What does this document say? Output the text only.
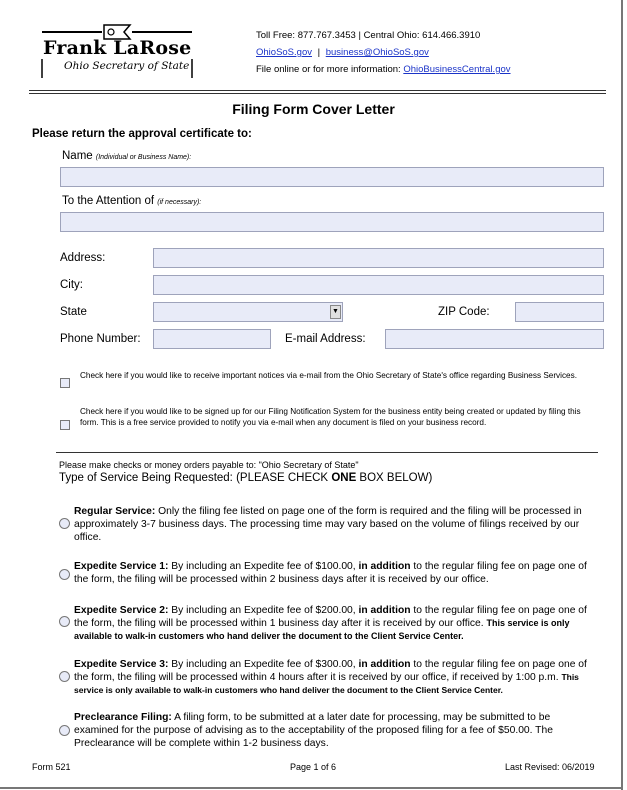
Frank LaRose
Ohio Secretary of State
Toll Free: 877.767.3453 | Central Ohio: 614.466.3910
OhioSoS.gov | business@OhioSoS.gov
File online or for more information: OhioBusinessCentral.gov
Filing Form Cover Letter
Please return the approval certificate to:
Name (Individual or Business Name):
To the Attention of (if necessary):
Address:
City:
State	▼	ZIP Code:
Phone Number:	E-mail Address:
Check here if you would like to receive important notices via e-mail from the Ohio Secretary of State's office regarding Business Services.
Check here if you would like to be signed up for our Filing Notification System for the business entity being created or updated by filing this form. This is a free service provided to notify you via e-mail when any document is filed on your business record.
Please make checks or money orders payable to: "Ohio Secretary of State"
Type of Service Being Requested: (PLEASE CHECK ONE BOX BELOW)
Regular Service: Only the filing fee listed on page one of the form is required and the filing will be processed in approximately 3-7 business days. The processing time may vary based on the volume of filings received by our office.
Expedite Service 1: By including an Expedite fee of $100.00, in addition to the regular filing fee on page one of the form, the filing will be processed within 2 business days after it is received by our office.
Expedite Service 2: By including an Expedite fee of $200.00, in addition to the regular filing fee on page one of the form, the filing will be processed within 1 business day after it is received by our office. This service is only available to walk-in customers who hand deliver the document to the Client Service Center.
Expedite Service 3: By including an Expedite fee of $300.00, in addition to the regular filing fee on page one of the form, the filing will be processed within 4 hours after it is received by our office, if received by 1:00 p.m. This service is only available to walk-in customers who hand deliver the document to the Client Service Center.
Preclearance Filing: A filing form, to be submitted at a later date for processing, may be submitted to be examined for the purpose of advising as to the acceptability of the proposed filing for a fee of $50.00. The Preclearance will be complete within 1-2 business days.
Form 521	Page 1 of 6	Last Revised: 06/2019
